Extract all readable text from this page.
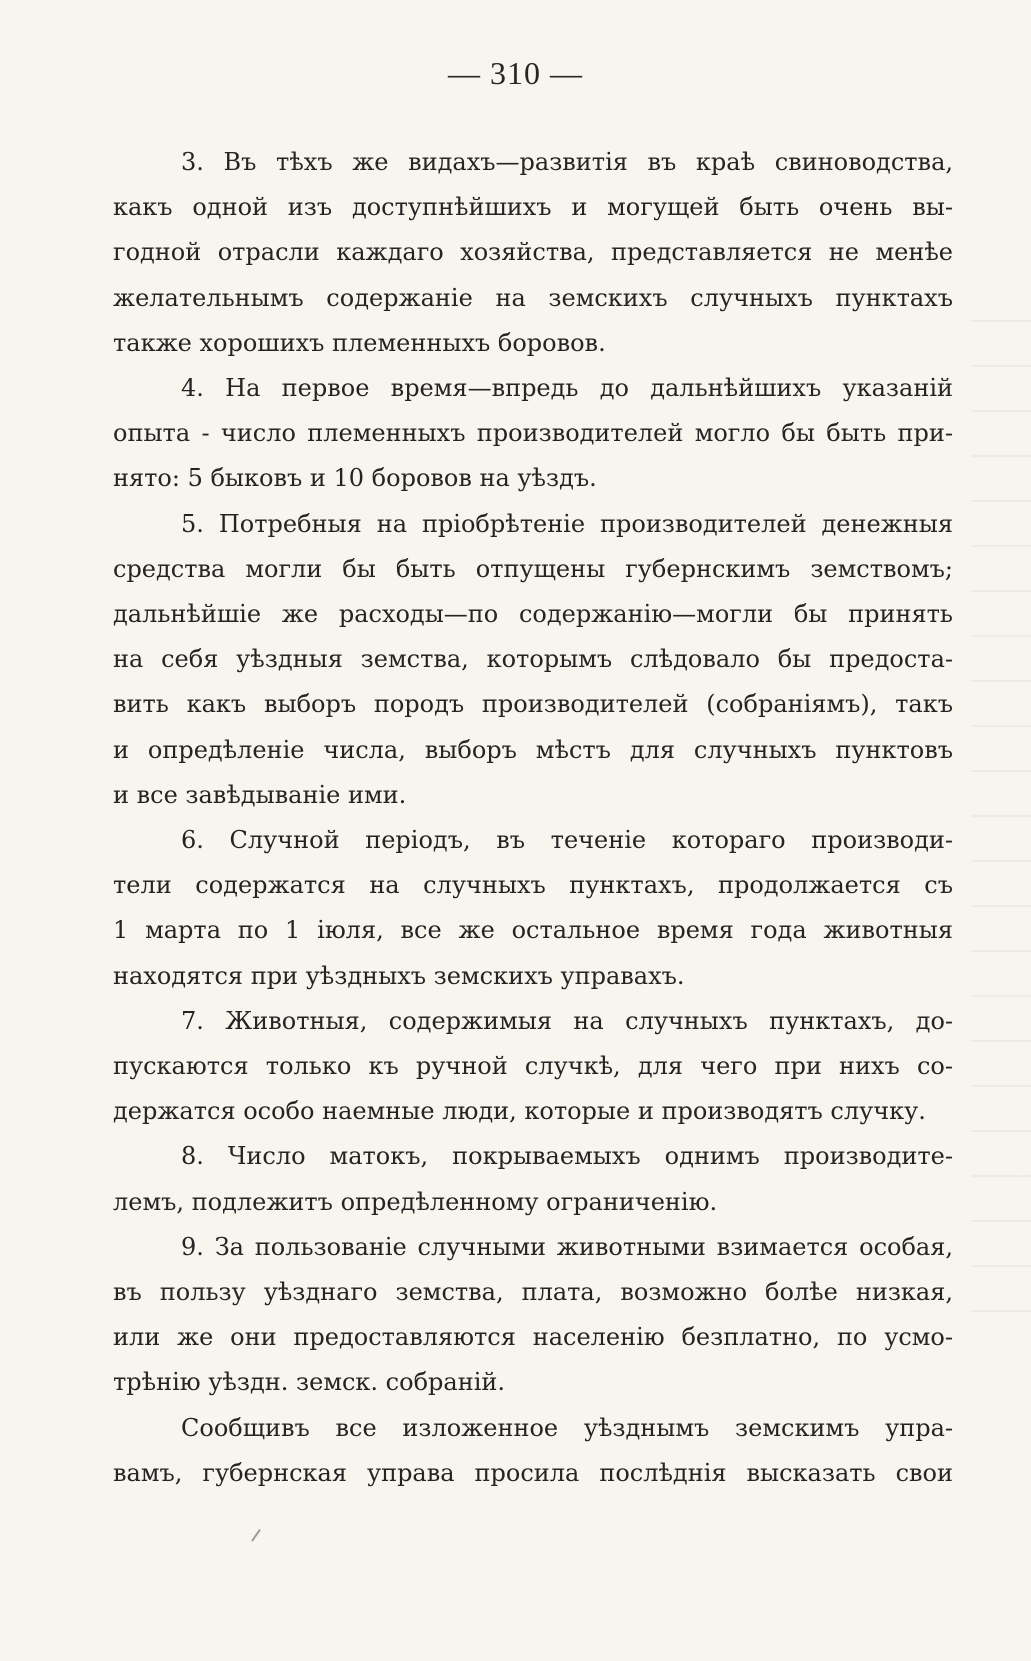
— 310 —

3. Въ тѣхъ же видахъ—развитія въ краѣ свиноводства,
какъ одной изъ доступнѣйшихъ и могущей быть очень вы-
годной отрасли каждаго хозяйства, представляется не менѣе
желательнымъ содержаніе на земскихъ случныхъ пунктахъ
также хорошихъ племенныхъ боровов.

4. На первое время—впредь до дальнѣйшихъ указаній
опыта - число племенныхъ производителей могло бы быть при-
нято: 5 быковъ и 10 боровов на уѣздъ.

5. Потребныя на пріобрѣтеніе производителей денежныя
средства могли бы быть отпущены губернскимъ земствомъ;
дальнѣйшіе же расходы—по содержанію—могли бы принять
на себя уѣздныя земства, которымъ слѣдовало бы предоста-
вить какъ выборъ породъ производителей (собраніямъ), такъ
и опредѣленіе числа, выборъ мѣстъ для случныхъ пунктовъ
и все завѣдываніе ими.

6. Случной періодъ, въ теченіе котораго производи-
тели содержатся на случныхъ пунктахъ, продолжается съ
1 марта по 1 іюля, все же остальное время года животныя
находятся при уѣздныхъ земскихъ управахъ.

7. Животныя, содержимыя на случныхъ пунктахъ, до-
пускаются только къ ручной случкѣ, для чего при нихъ со-
держатся особо наемные люди, которые и производятъ случку.

8. Число матокъ, покрываемыхъ однимъ производите-
лемъ, подлежитъ опредѣленному ограниченію.

9. За пользованіе случными животными взимается особая,
въ пользу уѣзднаго земства, плата, возможно болѣе низкая,
или же они предоставляются населенію безплатно, по усмо-
трѣнію уѣздн. земск. собраній.

Сообщивъ все изложенное уѣзднымъ земскимъ упра-
вамъ, губернская управа просила послѣднія высказать свои
